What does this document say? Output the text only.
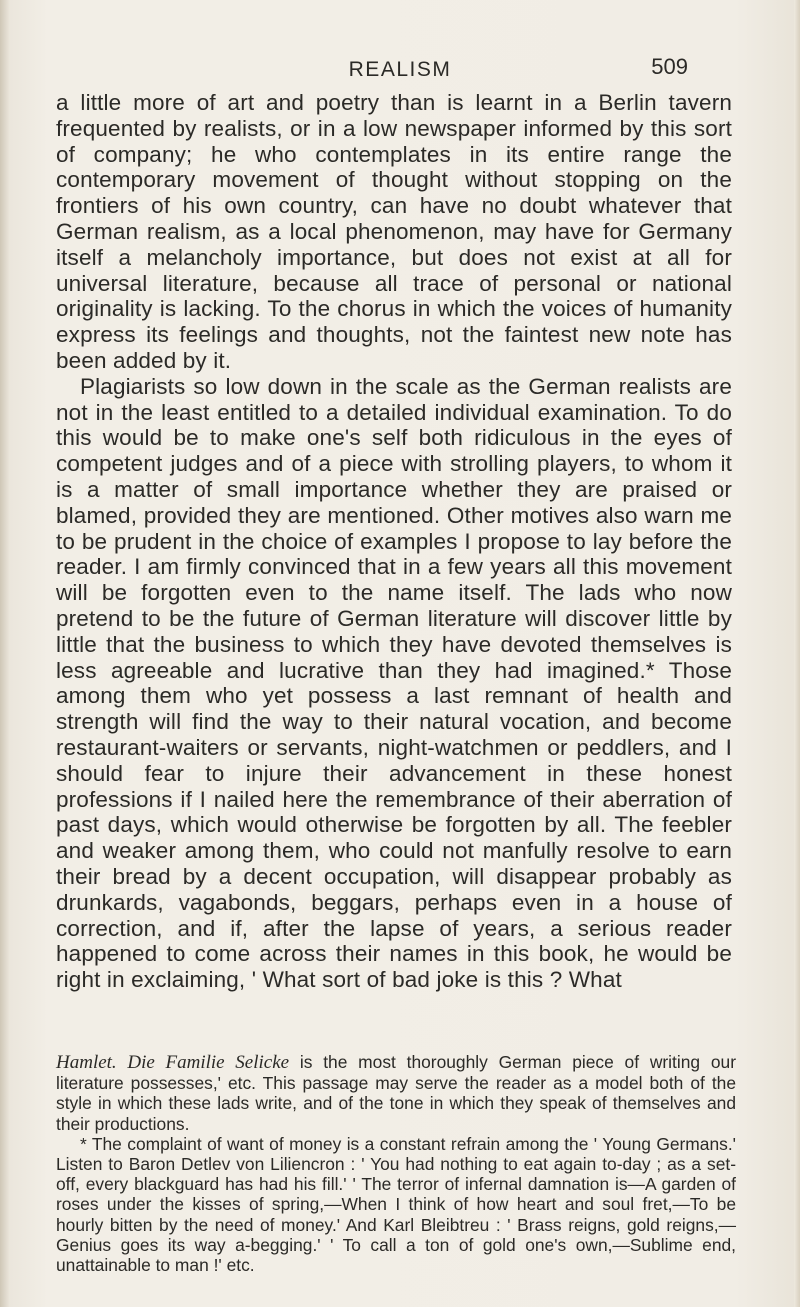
REALISM	509

a little more of art and poetry than is learnt in a Berlin tavern frequented by realists, or in a low newspaper informed by this sort of company; he who contemplates in its entire range the contemporary movement of thought without stopping on the frontiers of his own country, can have no doubt whatever that German realism, as a local phenomenon, may have for Germany itself a melancholy importance, but does not exist at all for universal literature, because all trace of personal or national originality is lacking. To the chorus in which the voices of humanity express its feelings and thoughts, not the faintest new note has been added by it.

Plagiarists so low down in the scale as the German realists are not in the least entitled to a detailed individual examination. To do this would be to make one's self both ridiculous in the eyes of competent judges and of a piece with strolling players, to whom it is a matter of small importance whether they are praised or blamed, provided they are mentioned. Other motives also warn me to be prudent in the choice of examples I propose to lay before the reader. I am firmly convinced that in a few years all this movement will be forgotten even to the name itself. The lads who now pretend to be the future of German literature will discover little by little that the business to which they have devoted themselves is less agreeable and lucrative than they had imagined.* Those among them who yet possess a last remnant of health and strength will find the way to their natural vocation, and become restaurant-waiters or servants, night-watchmen or peddlers, and I should fear to injure their advancement in these honest professions if I nailed here the remembrance of their aberration of past days, which would otherwise be forgotten by all. The feebler and weaker among them, who could not manfully resolve to earn their bread by a decent occupation, will disappear probably as drunkards, vagabonds, beggars, perhaps even in a house of correction, and if, after the lapse of years, a serious reader happened to come across their names in this book, he would be right in exclaiming, ' What sort of bad joke is this ? What

Hamlet. Die Familie Selicke is the most thoroughly German piece of writing our literature possesses,' etc. This passage may serve the reader as a model both of the style in which these lads write, and of the tone in which they speak of themselves and their productions.

* The complaint of want of money is a constant refrain among the ' Young Germans.' Listen to Baron Detlev von Liliencron : ' You had nothing to eat again to-day ; as a set-off, every blackguard has had his fill.' ' The terror of infernal damnation is—A garden of roses under the kisses of spring,—When I think of how heart and soul fret,—To be hourly bitten by the need of money.' And Karl Bleibtreu : ' Brass reigns, gold reigns,—Genius goes its way a-begging.' ' To call a ton of gold one's own,—Sublime end, unattainable to man !' etc.
